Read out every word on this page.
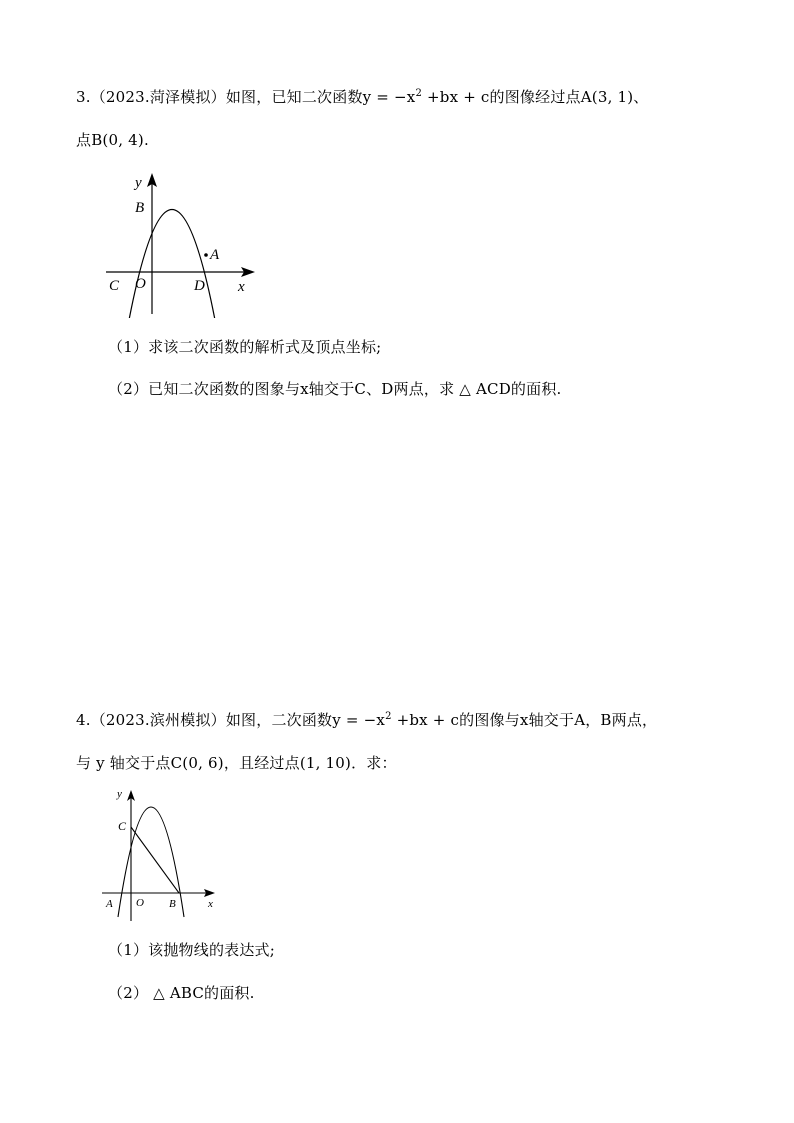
3.（2023.菏泽模拟）如图，已知二次函数$y = -x^2 +bx + c$的图像经过点A(3, 1)、
点B(0, 4).
y
B
A
C O	D x
（1）求该二次函数的解析式及顶点坐标;
（2）已知二次函数的图象与x轴交于C、D两点，求 △ ACD的面积.
4.（2023.滨州模拟）如图，二次函数$y = -x^2 +bx + c$的图像与x轴交于A，B两点，
与 y 轴交于点C(0, 6)，且经过点(1, 10)．求：
y
C
A O B	x
（1）该抛物线的表达式;
（2） △ ABC的面积.
